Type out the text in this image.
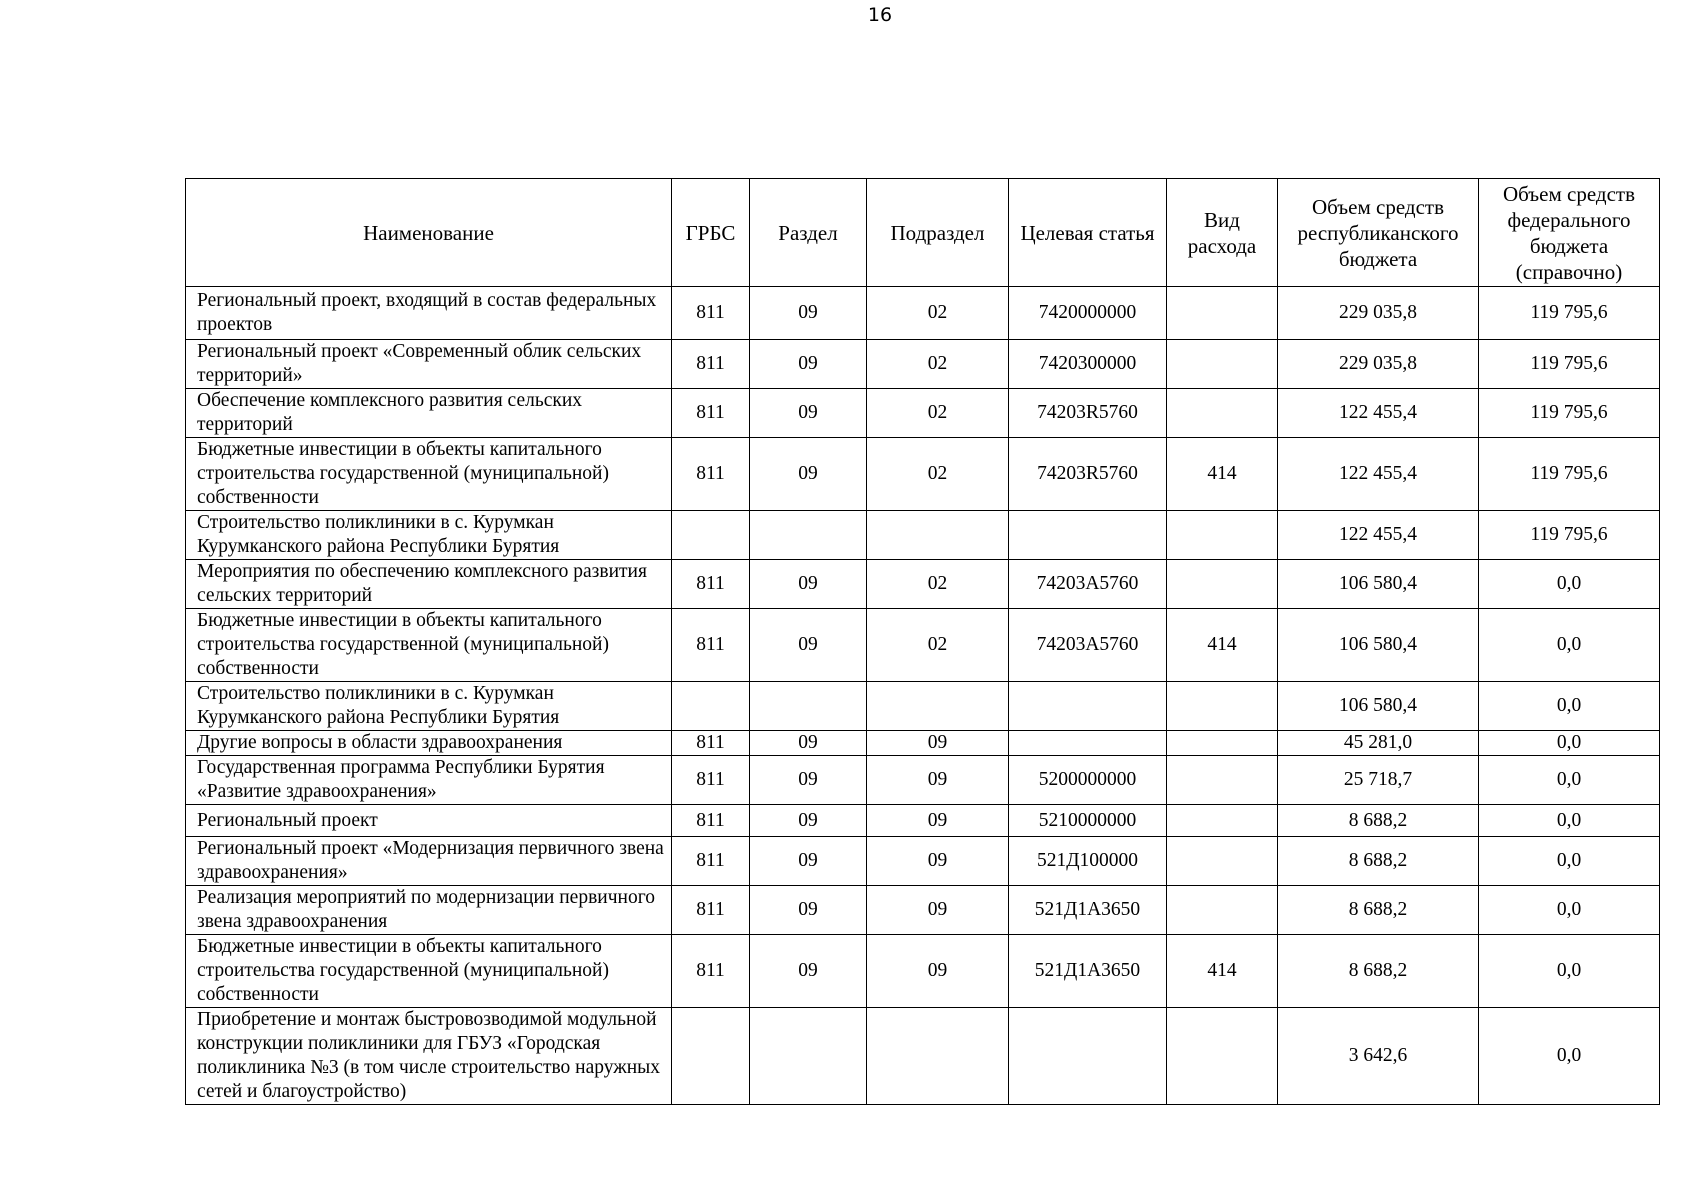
16
Наименование	ГРБС	Раздел	Подраздел	Целевая статья	Вид расхода	Объем средств республиканского бюджета	Объем средств федерального бюджета (справочно)
Региональный проект, входящий в состав федеральных проектов	811	09	02	7420000000		229 035,8	119 795,6
Региональный проект «Современный облик сельских территорий»	811	09	02	7420300000		229 035,8	119 795,6
Обеспечение комплексного развития сельских территорий	811	09	02	74203R5760		122 455,4	119 795,6
Бюджетные инвестиции в объекты капитального строительства государственной (муниципальной) собственности	811	09	02	74203R5760	414	122 455,4	119 795,6
Строительство поликлиники в с. Курумкан Курумканского района Республики Бурятия						122 455,4	119 795,6
Мероприятия по обеспечению комплексного развития сельских территорий	811	09	02	74203A5760		106 580,4	0,0
Бюджетные инвестиции в объекты капитального строительства государственной (муниципальной) собственности	811	09	02	74203A5760	414	106 580,4	0,0
Строительство поликлиники в с. Курумкан Курумканского района Республики Бурятия						106 580,4	0,0
Другие вопросы в области здравоохранения	811	09	09			45 281,0	0,0
Государственная программа Республики Бурятия «Развитие здравоохранения»	811	09	09	5200000000		25 718,7	0,0
Региональный проект	811	09	09	5210000000		8 688,2	0,0
Региональный проект «Модернизация первичного звена здравоохранения»	811	09	09	521Д100000		8 688,2	0,0
Реализация мероприятий по модернизации первичного звена здравоохранения	811	09	09	521Д1А3650		8 688,2	0,0
Бюджетные инвестиции в объекты капитального строительства государственной (муниципальной) собственности	811	09	09	521Д1А3650	414	8 688,2	0,0
Приобретение и монтаж быстровозводимой модульной конструкции поликлиники для ГБУЗ «Городская поликлиника №3 (в том числе строительство наружных сетей и благоустройство)						3 642,6	0,0
